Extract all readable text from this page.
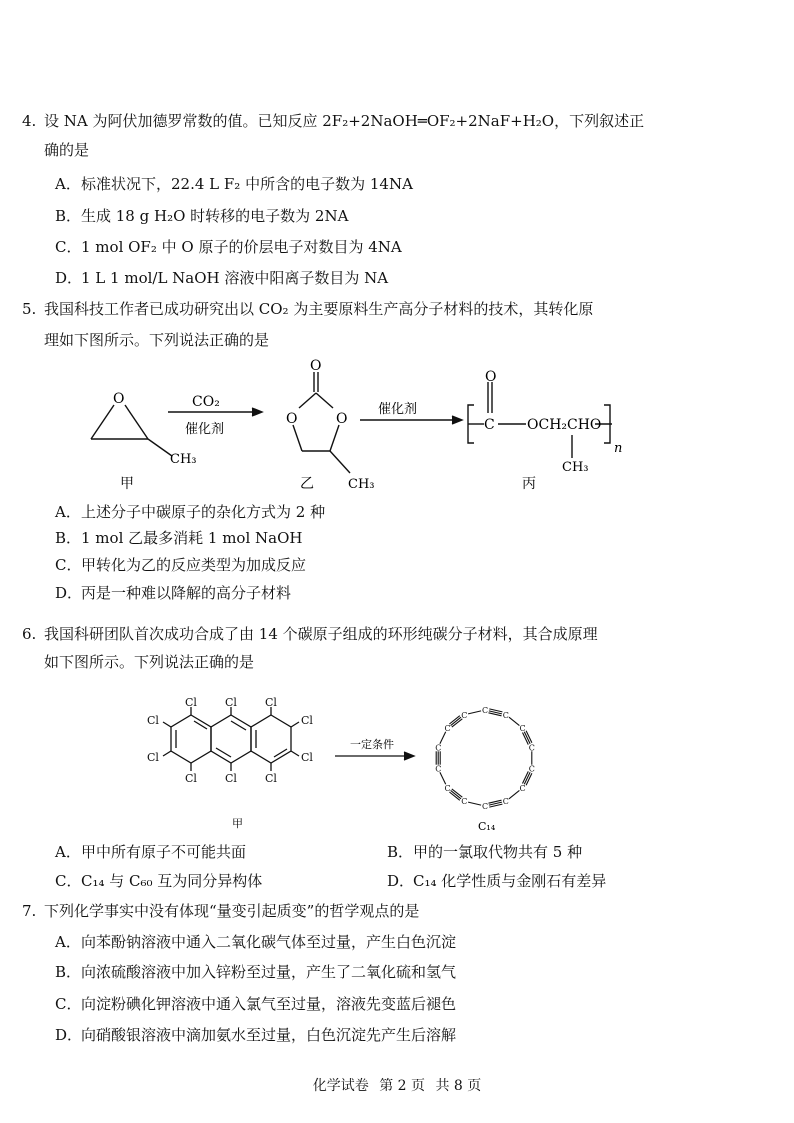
4. 设 NA 为阿伏加德罗常数的值。已知反应 2F₂+2NaOH═OF₂+2NaF+H₂O，下列叙述正
确的是
A．标准状况下，22.4 L F₂ 中所含的电子数为 14NA
B．生成 18 g H₂O 时转移的电子数为 2NA
C．1 mol OF₂ 中 O 原子的价层电子对数目为 4NA
D．1 L 1 mol/L NaOH 溶液中阳离子数目为 NA
5. 我国科技工作者已成功研究出以 CO₂ 为主要原料生产高分子材料的技术，其转化原
理如下图所示。下列说法正确的是
O
CH₃
CO₂
催化剂
O
O	O
CH₃
催化剂
O
C OCH₂CHO
CH₃
n
甲	乙	丙
A．上述分子中碳原子的杂化方式为 2 种
B．1 mol 乙最多消耗 1 mol NaOH
C．甲转化为乙的反应类型为加成反应
D．丙是一种难以降解的高分子材料
6. 我国科研团队首次成功合成了由 14 个碳原子组成的环形纯碳分子材料，其合成原理
如下图所示。下列说法正确的是
Cl	Cl	Cl
Cl	Cl	Cl
Cl
Cl
Cl
Cl
一定条件
甲	C₁₄
C
C
C
C
C
C
C
C
C
C
C
C
C
C
A．甲中所有原子不可能共面	B．甲的一氯取代物共有 5 种
C．C₁₄ 与 C₆₀ 互为同分异构体	D．C₁₄ 化学性质与金刚石有差异
7. 下列化学事实中没有体现“量变引起质变”的哲学观点的是
A．向苯酚钠溶液中通入二氧化碳气体至过量，产生白色沉淀
B．向浓硫酸溶液中加入锌粉至过量，产生了二氧化硫和氢气
C．向淀粉碘化钾溶液中通入氯气至过量，溶液先变蓝后褪色
D．向硝酸银溶液中滴加氨水至过量，白色沉淀先产生后溶解
化学试卷 第 2 页 共 8 页
